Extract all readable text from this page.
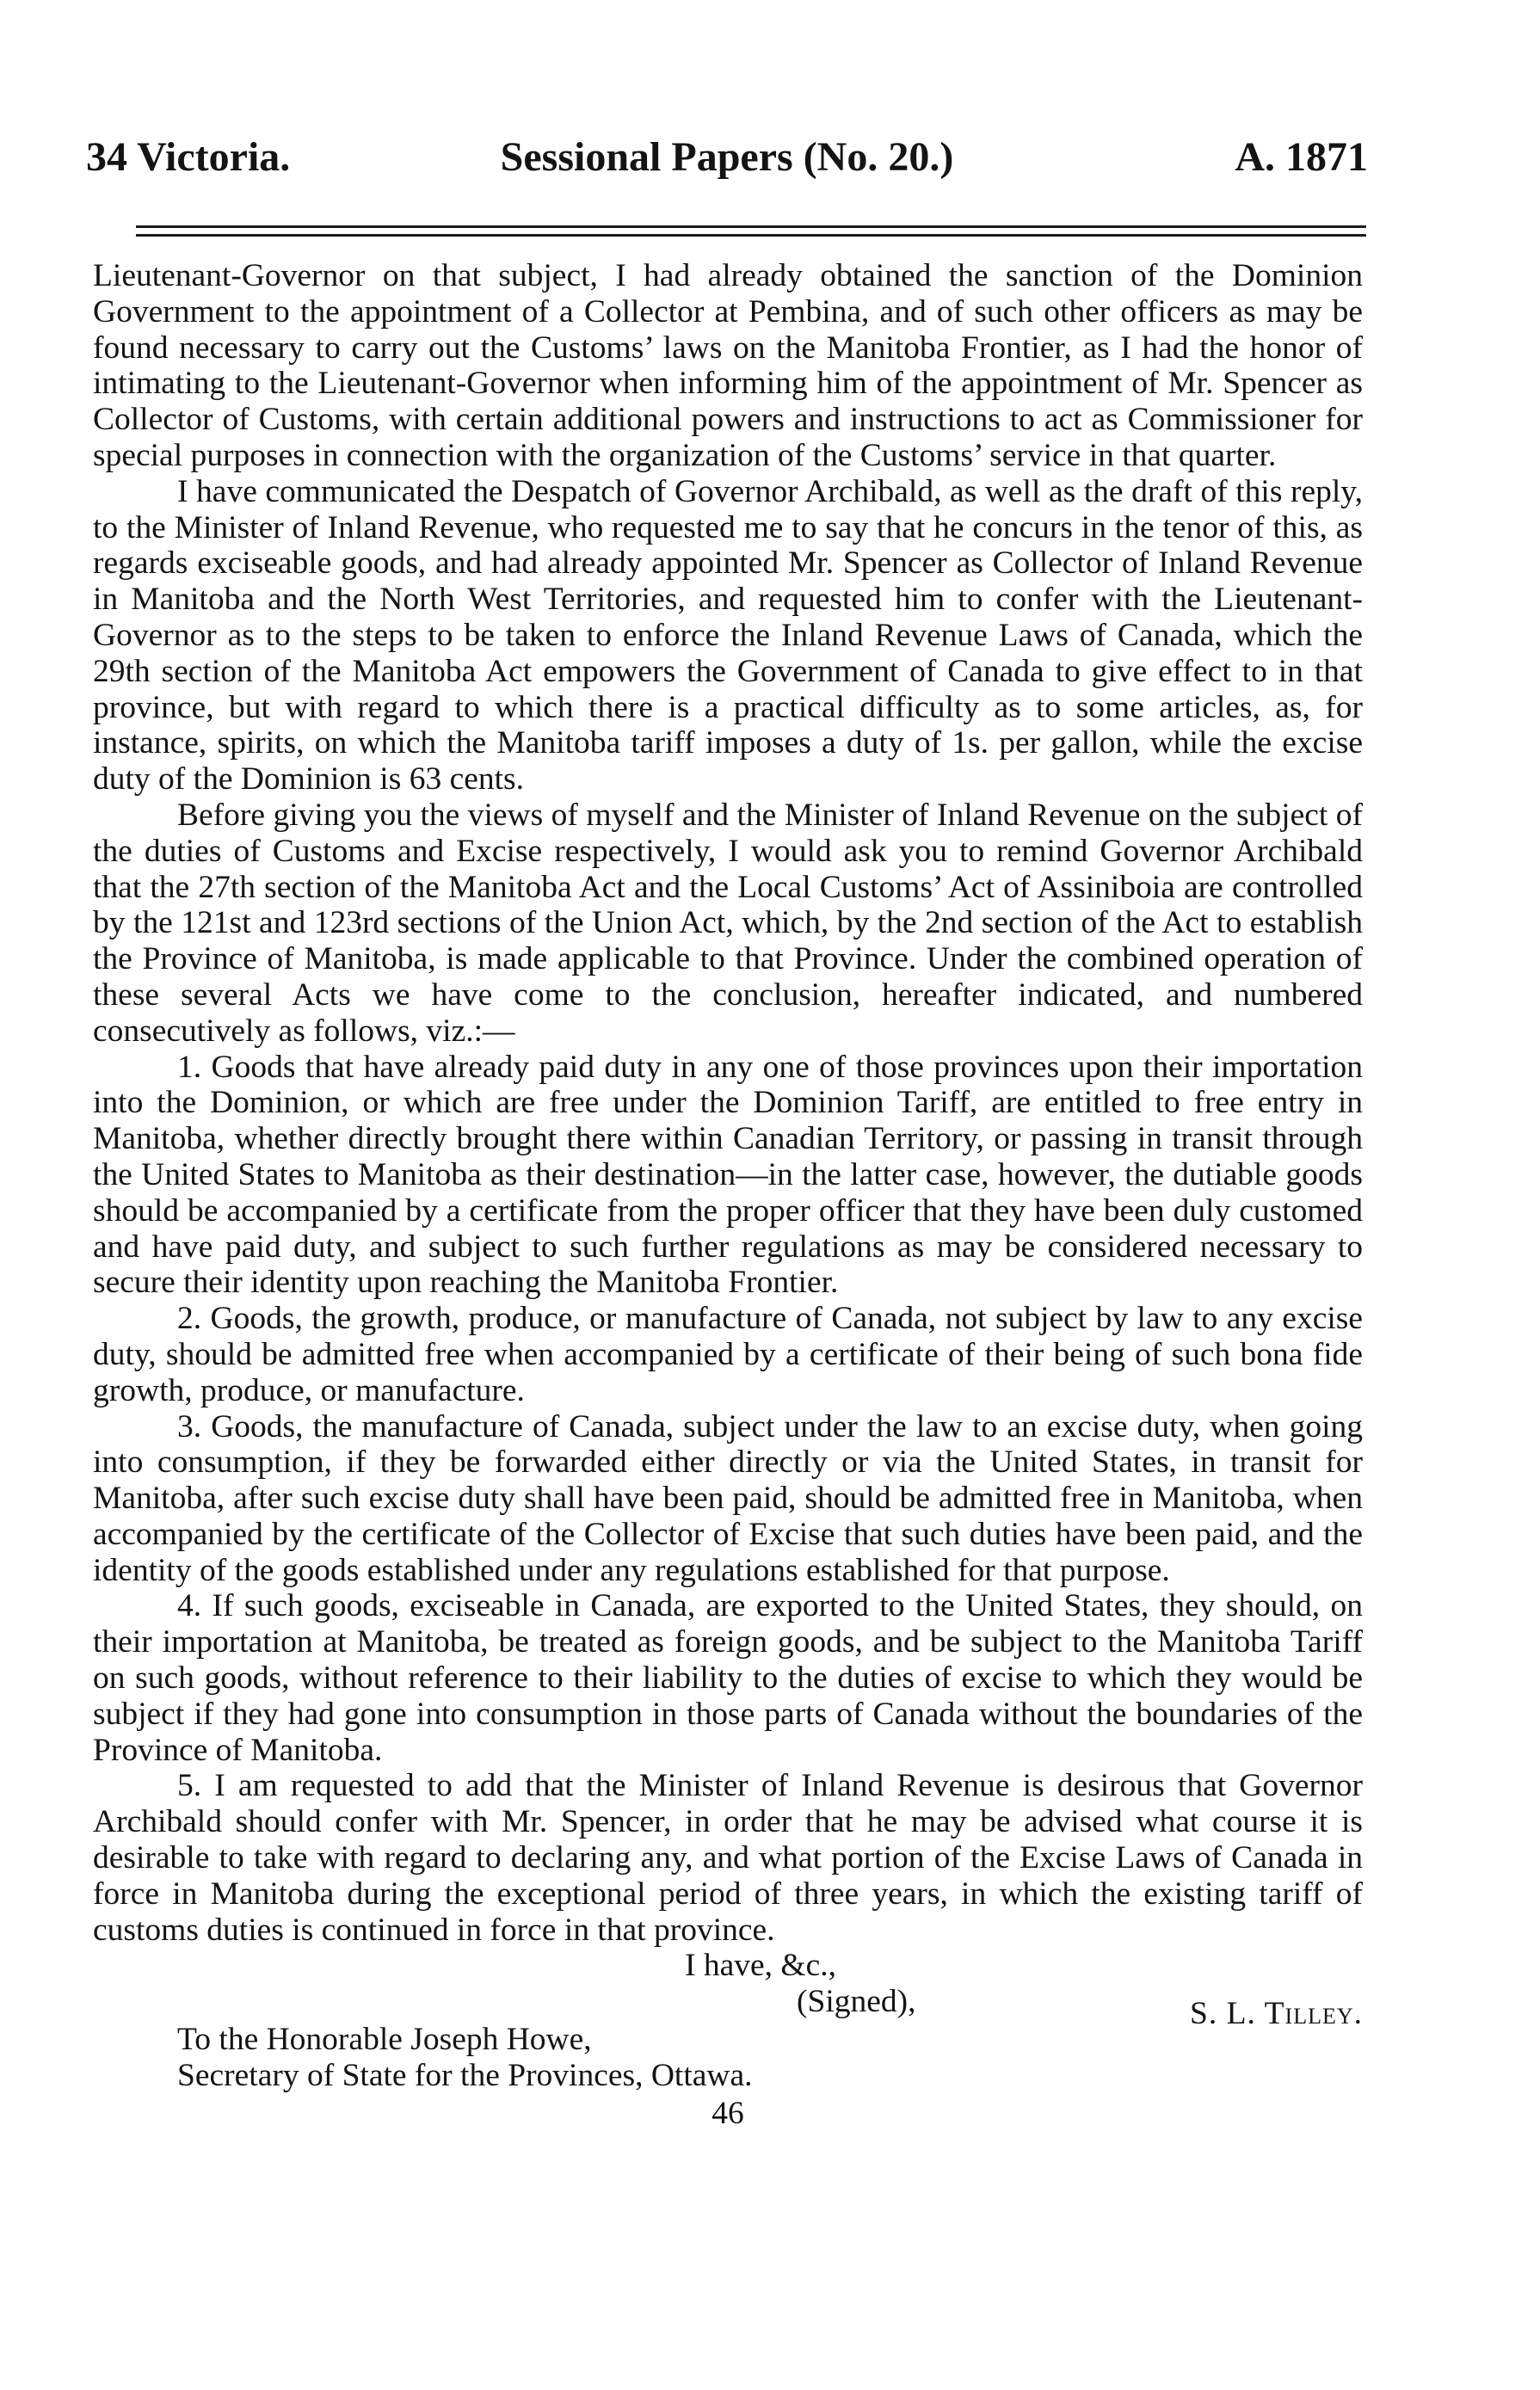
34 Victoria.	Sessional Papers (No. 20.)	A. 1871

Lieutenant-Governor on that subject, I had already obtained the sanction of the Dominion Government to the appointment of a Collector at Pembina, and of such other officers as may be found necessary to carry out the Customs’ laws on the Manitoba Frontier, as I had the honor of intimating to the Lieutenant-Governor when informing him of the appointment of Mr. Spencer as Collector of Customs, with certain additional powers and instructions to act as Commissioner for special purposes in connection with the organization of the Customs’ service in that quarter.

I have communicated the Despatch of Governor Archibald, as well as the draft of this reply, to the Minister of Inland Revenue, who requested me to say that he concurs in the tenor of this, as regards exciseable goods, and had already appointed Mr. Spencer as Collector of Inland Revenue in Manitoba and the North West Territories, and requested him to confer with the Lieutenant-Governor as to the steps to be taken to enforce the Inland Revenue Laws of Canada, which the 29th section of the Manitoba Act empowers the Government of Canada to give effect to in that province, but with regard to which there is a practical difficulty as to some articles, as, for instance, spirits, on which the Manitoba tariff imposes a duty of 1s. per gallon, while the excise duty of the Dominion is 63 cents.

Before giving you the views of myself and the Minister of Inland Revenue on the subject of the duties of Customs and Excise respectively, I would ask you to remind Governor Archibald that the 27th section of the Manitoba Act and the Local Customs’ Act of Assiniboia are controlled by the 121st and 123rd sections of the Union Act, which, by the 2nd section of the Act to establish the Province of Manitoba, is made applicable to that Province. Under the combined operation of these several Acts we have come to the conclusion, hereafter indicated, and numbered consecutively as follows, viz.:—

1. Goods that have already paid duty in any one of those provinces upon their importation into the Dominion, or which are free under the Dominion Tariff, are entitled to free entry in Manitoba, whether directly brought there within Canadian Territory, or passing in transit through the United States to Manitoba as their destination—in the latter case, however, the dutiable goods should be accompanied by a certificate from the proper officer that they have been duly customed and have paid duty, and subject to such further regulations as may be considered necessary to secure their identity upon reaching the Manitoba Frontier.

2. Goods, the growth, produce, or manufacture of Canada, not subject by law to any excise duty, should be admitted free when accompanied by a certificate of their being of such bona fide growth, produce, or manufacture.

3. Goods, the manufacture of Canada, subject under the law to an excise duty, when going into consumption, if they be forwarded either directly or via the United States, in transit for Manitoba, after such excise duty shall have been paid, should be admitted free in Manitoba, when accompanied by the certificate of the Collector of Excise that such duties have been paid, and the identity of the goods established under any regulations established for that purpose.

4. If such goods, exciseable in Canada, are exported to the United States, they should, on their importation at Manitoba, be treated as foreign goods, and be subject to the Manitoba Tariff on such goods, without reference to their liability to the duties of excise to which they would be subject if they had gone into consumption in those parts of Canada without the boundaries of the Province of Manitoba.

5. I am requested to add that the Minister of Inland Revenue is desirous that Governor Archibald should confer with Mr. Spencer, in order that he may be advised what course it is desirable to take with regard to declaring any, and what portion of the Excise Laws of Canada in force in Manitoba during the exceptional period of three years, in which the existing tariff of customs duties is continued in force in that province.

I have, &c.,
(Signed),	S. L. Tilley.

To the Honorable Joseph Howe,

Secretary of State for the Provinces, Ottawa.

46
